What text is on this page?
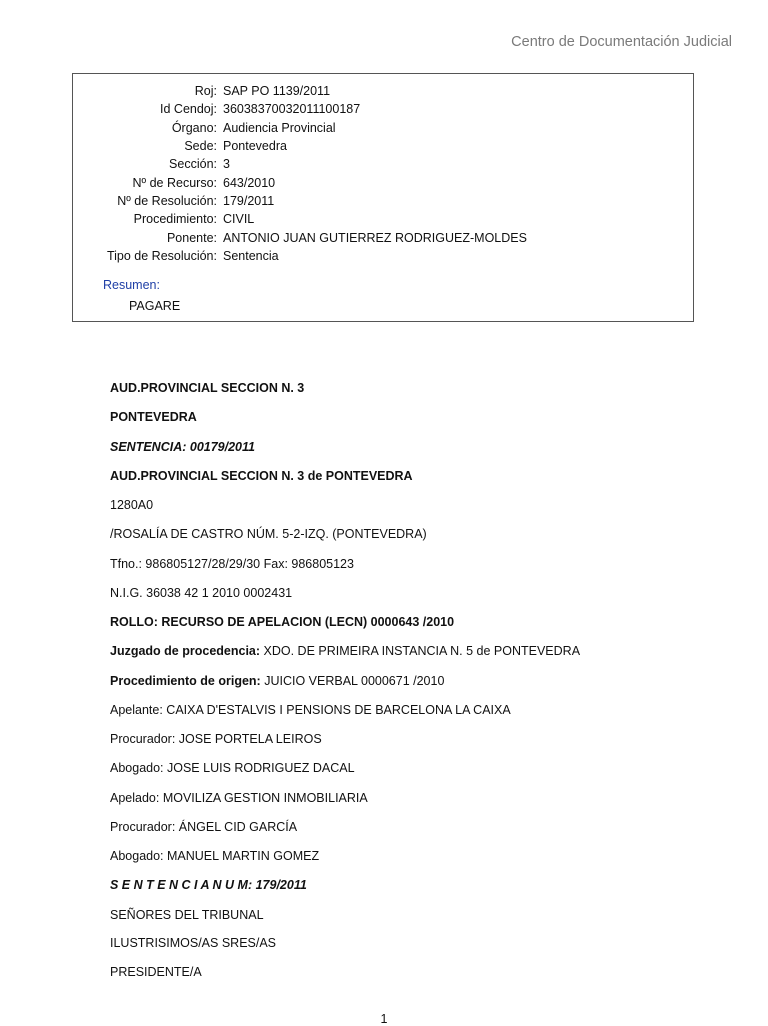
Centro de Documentación Judicial
Roj: SAP PO 1139/2011
Id Cendoj: 36038370032011100187
Órgano: Audiencia Provincial
Sede: Pontevedra
Sección: 3
Nº de Recurso: 643/2010
Nº de Resolución: 179/2011
Procedimiento: CIVIL
Ponente: ANTONIO JUAN GUTIERREZ RODRIGUEZ-MOLDES
Tipo de Resolución: Sentencia
Resumen:
PAGARE
AUD.PROVINCIAL SECCION N. 3
PONTEVEDRA
SENTENCIA: 00179/2011
AUD.PROVINCIAL SECCION N. 3 de PONTEVEDRA
1280A0
/ROSALÍA DE CASTRO NÚM. 5-2-IZQ. (PONTEVEDRA)
Tfno.: 986805127/28/29/30 Fax: 986805123
N.I.G. 36038 42 1 2010 0002431
ROLLO: RECURSO DE APELACION (LECN) 0000643 /2010
Juzgado de procedencia: XDO. DE PRIMEIRA INSTANCIA N. 5 de PONTEVEDRA
Procedimiento de origen: JUICIO VERBAL 0000671 /2010
Apelante: CAIXA D'ESTALVIS I PENSIONS DE BARCELONA LA CAIXA
Procurador: JOSE PORTELA LEIROS
Abogado: JOSE LUIS RODRIGUEZ DACAL
Apelado: MOVILIZA GESTION INMOBILIARIA
Procurador: ÁNGEL CID GARCÍA
Abogado: MANUEL MARTIN GOMEZ
S E N T E N C I A N U M: 179/2011
SEÑORES DEL TRIBUNAL
ILUSTRISIMOS/AS SRES/AS
PRESIDENTE/A
1
